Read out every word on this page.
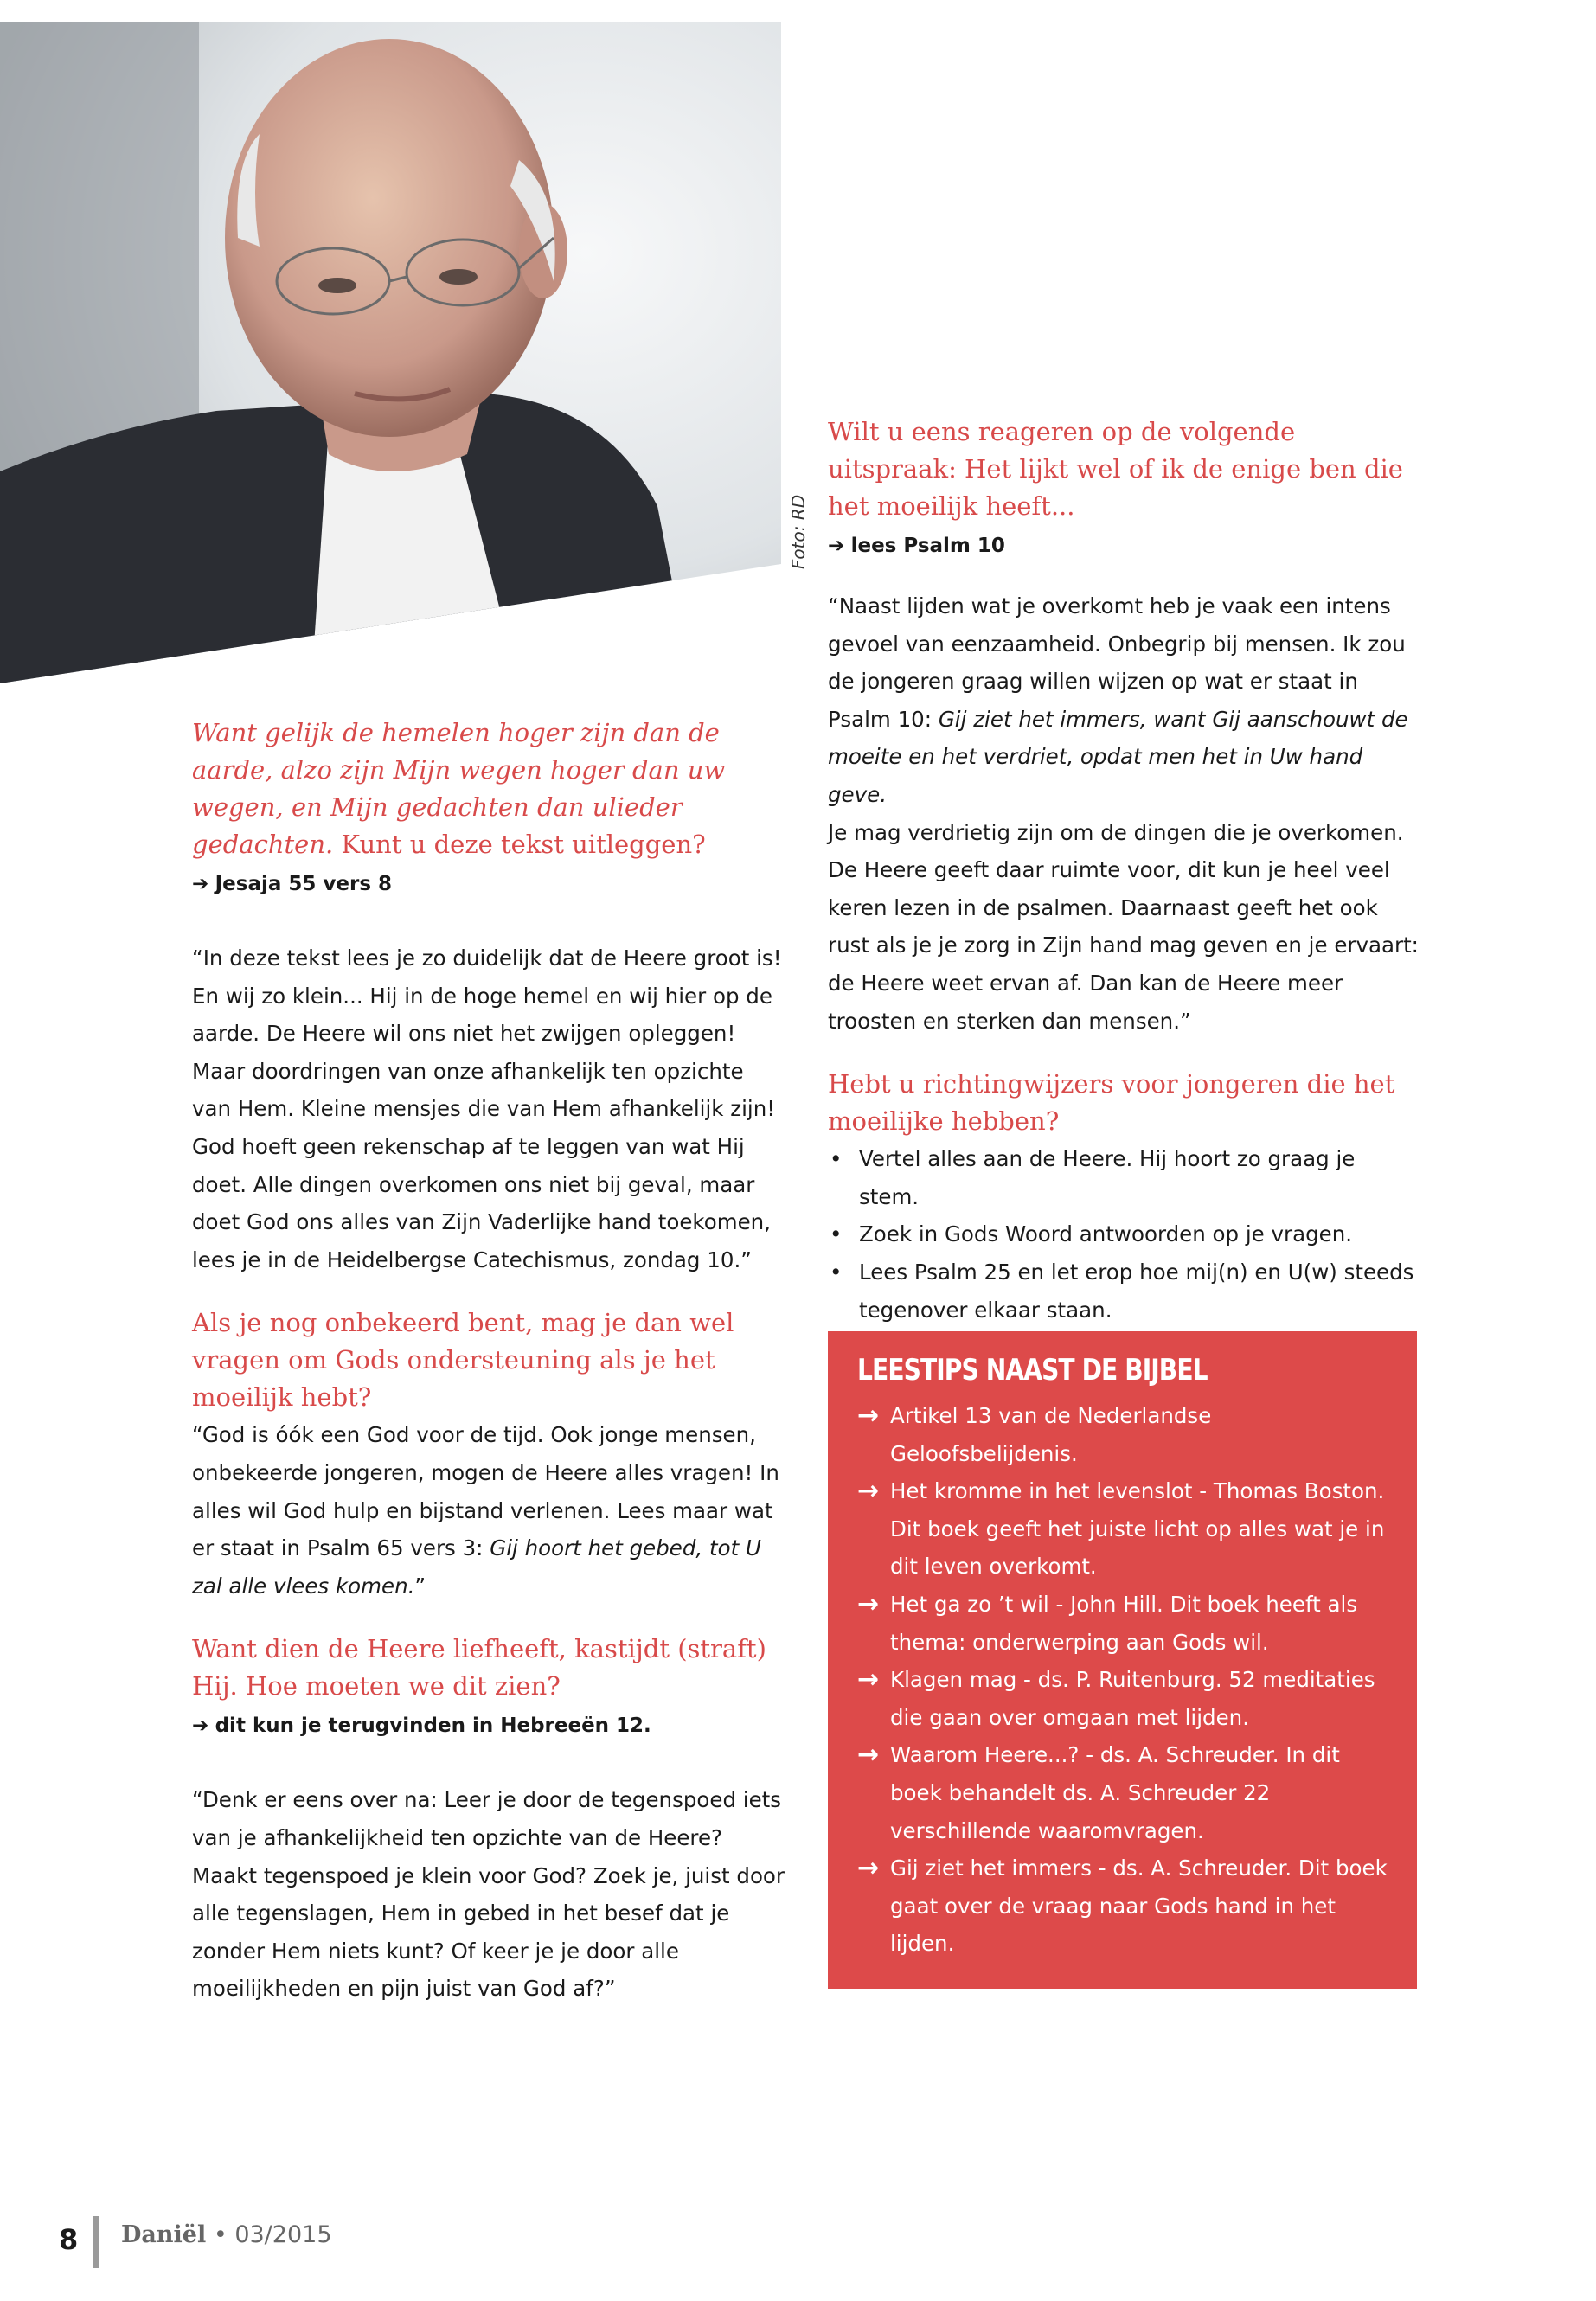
Foto: RD

Wilt u eens reageren op de volgende uitspraak: Het lijkt wel of ik de enige ben die het moeilijk heeft...

➔ lees Psalm 10

“Naast lijden wat je overkomt heb je vaak een intens gevoel van eenzaamheid. Onbegrip bij mensen. Ik zou de jongeren graag willen wijzen op wat er staat in Psalm 10: Gij ziet het immers, want Gij aanschouwt de moeite en het verdriet, opdat men het in Uw hand geve.

Je mag verdrietig zijn om de dingen die je overkomen. De Heere geeft daar ruimte voor, dit kun je heel veel keren lezen in de psalmen. Daarnaast geeft het ook rust als je je zorg in Zijn hand mag geven en je ervaart: de Heere weet ervan af. Dan kan de Heere meer troosten en sterken dan mensen.”

Hebt u richtingwijzers voor jongeren die het moeilijke hebben?

• Vertel alles aan de Heere. Hij hoort zo graag je stem.
• Zoek in Gods Woord antwoorden op je vragen.
• Lees Psalm 25 en let erop hoe mij(n) en U(w) steeds tegenover elkaar staan.

Want gelijk de hemelen hoger zijn dan de aarde, alzo zijn Mijn wegen hoger dan uw wegen, en Mijn gedachten dan ulieder gedachten. Kunt u deze tekst uitleggen?

➔ Jesaja 55 vers 8

“In deze tekst lees je zo duidelijk dat de Heere groot is! En wij zo klein... Hij in de hoge hemel en wij hier op de aarde. De Heere wil ons niet het zwijgen opleggen! Maar doordringen van onze afhankelijk ten opzichte van Hem. Kleine mensjes die van Hem afhankelijk zijn! God hoeft geen rekenschap af te leggen van wat Hij doet. Alle dingen overkomen ons niet bij geval, maar doet God ons alles van Zijn Vaderlijke hand toekomen, lees je in de Heidelbergse Catechismus, zondag 10.”

Als je nog onbekeerd bent, mag je dan wel vragen om Gods ondersteuning als je het moeilijk hebt?

“God is óók een God voor de tijd. Ook jonge mensen, onbekeerde jongeren, mogen de Heere alles vragen! In alles wil God hulp en bijstand verlenen. Lees maar wat er staat in Psalm 65 vers 3: Gij hoort het gebed, tot U zal alle vlees komen.”

Want dien de Heere liefheeft, kastijdt (straft) Hij. Hoe moeten we dit zien?

➔ dit kun je terugvinden in Hebreeën 12.

“Denk er eens over na: Leer je door de tegenspoed iets van je afhankelijkheid ten opzichte van de Heere? Maakt tegenspoed je klein voor God? Zoek je, juist door alle tegenslagen, Hem in gebed in het besef dat je zonder Hem niets kunt? Of keer je je door alle moeilijkheden en pijn juist van God af?”

LEESTIPS NAAST DE BIJBEL
→ Artikel 13 van de Nederlandse Geloofsbelijdenis.
→ Het kromme in het levenslot - Thomas Boston. Dit boek geeft het juiste licht op alles wat je in dit leven overkomt.
→ Het ga zo ’t wil - John Hill. Dit boek heeft als thema: onderwerping aan Gods wil.
→ Klagen mag - ds. P. Ruitenburg. 52 meditaties die gaan over omgaan met lijden.
→ Waarom Heere...? - ds. A. Schreuder. In dit boek behandelt ds. A. Schreuder 22 verschillende waaromvragen.
→ Gij ziet het immers - ds. A. Schreuder. Dit boek gaat over de vraag naar Gods hand in het lijden.
8 Daniël • 03/2015
